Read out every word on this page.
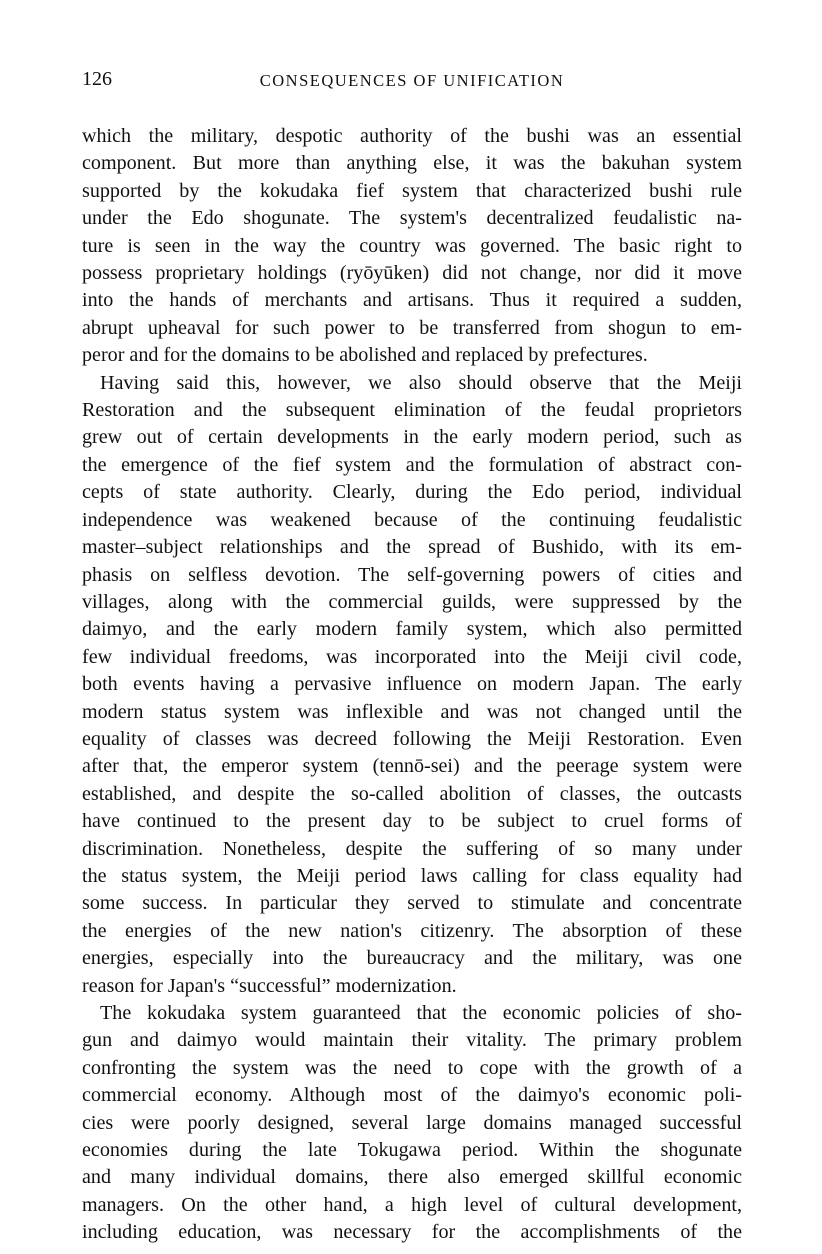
126	CONSEQUENCES OF UNIFICATION
which the military, despotic authority of the bushi was an essential
component. But more than anything else, it was the bakuhan system
supported by the kokudaka fief system that characterized bushi rule
under the Edo shogunate. The system's decentralized feudalistic na-
ture is seen in the way the country was governed. The basic right to
possess proprietary holdings (ryōyūken) did not change, nor did it move
into the hands of merchants and artisans. Thus it required a sudden,
abrupt upheaval for such power to be transferred from shogun to em-
peror and for the domains to be abolished and replaced by prefectures.
Having said this, however, we also should observe that the Meiji
Restoration and the subsequent elimination of the feudal proprietors
grew out of certain developments in the early modern period, such as
the emergence of the fief system and the formulation of abstract con-
cepts of state authority. Clearly, during the Edo period, individual
independence was weakened because of the continuing feudalistic
master–subject relationships and the spread of Bushido, with its em-
phasis on selfless devotion. The self-governing powers of cities and
villages, along with the commercial guilds, were suppressed by the
daimyo, and the early modern family system, which also permitted
few individual freedoms, was incorporated into the Meiji civil code,
both events having a pervasive influence on modern Japan. The early
modern status system was inflexible and was not changed until the
equality of classes was decreed following the Meiji Restoration. Even
after that, the emperor system (tennō-sei) and the peerage system were
established, and despite the so-called abolition of classes, the outcasts
have continued to the present day to be subject to cruel forms of
discrimination. Nonetheless, despite the suffering of so many under
the status system, the Meiji period laws calling for class equality had
some success. In particular they served to stimulate and concentrate
the energies of the new nation's citizenry. The absorption of these
energies, especially into the bureaucracy and the military, was one
reason for Japan's “successful” modernization.
The kokudaka system guaranteed that the economic policies of sho-
gun and daimyo would maintain their vitality. The primary problem
confronting the system was the need to cope with the growth of a
commercial economy. Although most of the daimyo's economic poli-
cies were poorly designed, several large domains managed successful
economies during the late Tokugawa period. Within the shogunate
and many individual domains, there also emerged skillful economic
managers. On the other hand, a high level of cultural development,
including education, was necessary for the accomplishments of the
